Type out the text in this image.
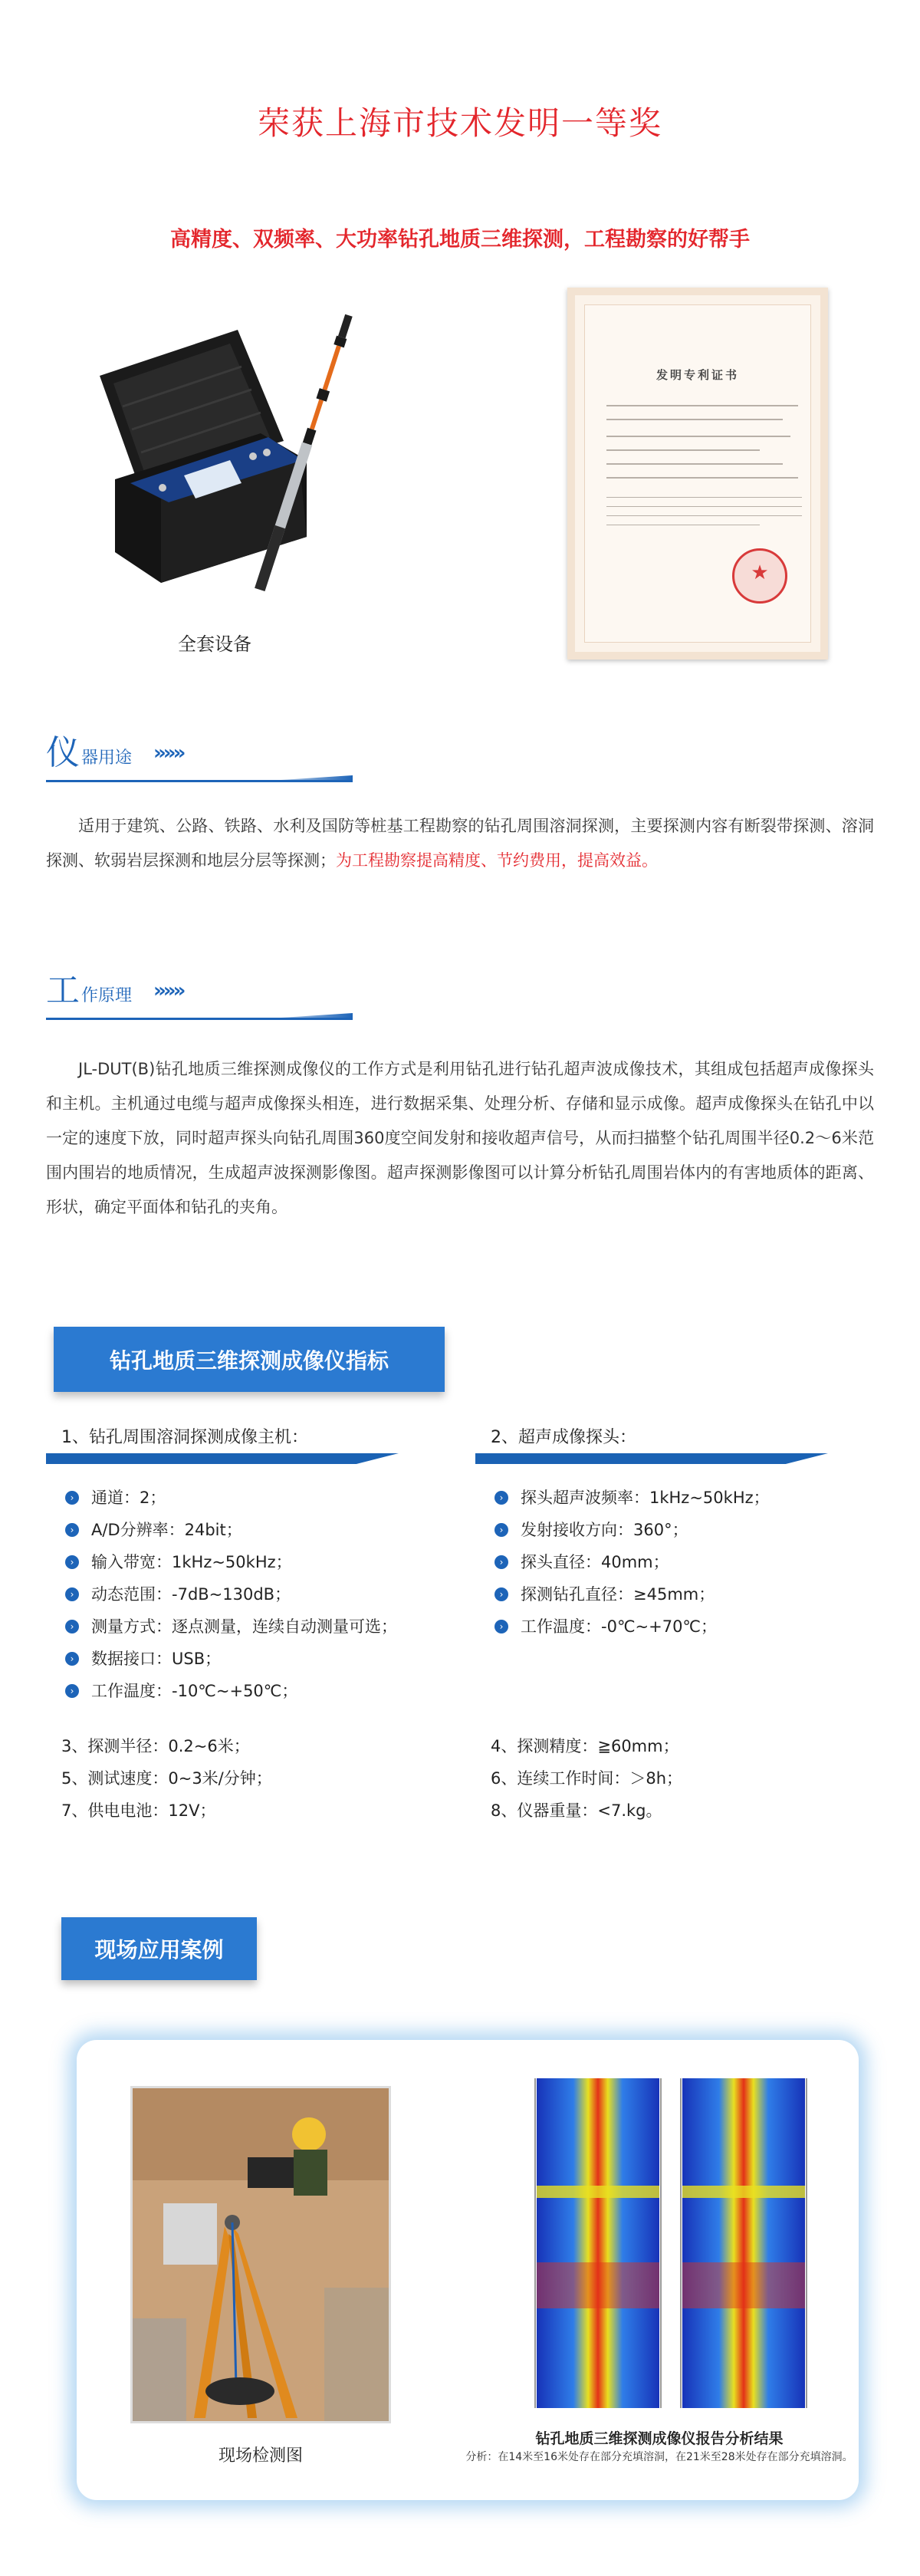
荣获上海市技术发明一等奖
高精度、双频率、大功率钻孔地质三维探测，工程勘察的好帮手
全套设备
发明专利证书
★
仪 器用途 »»»
适用于建筑、公路、铁路、水利及国防等桩基工程勘察的钻孔周围溶洞探测，主要探测内容有断裂带探测、溶洞探测、软弱岩层探测和地层分层等探测；为工程勘察提高精度、节约费用，提高效益。
工 作原理 »»»
JL-DUT(B)钻孔地质三维探测成像仪的工作方式是利用钻孔进行钻孔超声波成像技术，其组成包括超声成像探头和主机。主机通过电缆与超声成像探头相连，进行数据采集、处理分析、存储和显示成像。超声成像探头在钻孔中以一定的速度下放，同时超声探头向钻孔周围360度空间发射和接收超声信号，从而扫描整个钻孔周围半径0.2～6米范围内围岩的地质情况，生成超声波探测影像图。超声探测影像图可以计算分析钻孔周围岩体内的有害地质体的距离、形状，确定平面体和钻孔的夹角。
钻孔地质三维探测成像仪指标
1、钻孔周围溶洞探测成像主机：
›	通道：2；
›	A/D分辨率：24bit；
›	输入带宽：1kHz~50kHz；
›	动态范围：-7dB~130dB；
›	测量方式：逐点测量，连续自动测量可选；
›	数据接口：USB；
›	工作温度：-10℃~+50℃；
2、超声成像探头：
›	探头超声波频率：1kHz~50kHz；
›	发射接收方向：360°；
›	探头直径：40mm；
›	探测钻孔直径：≥45mm；
›	工作温度：-0℃~+70℃；
3、探测半径：0.2~6米；
5、测试速度：0~3米/分钟；
7、供电电池：12V；
4、探测精度：≧60mm；
6、连续工作时间：＞8h；
8、仪器重量：<7.kg。
现场应用案例
现场检测图
钻孔地质三维探测成像仪报告分析结果
分析：在14米至16米处存在部分充填溶洞，在21米至28米处存在部分充填溶洞。
